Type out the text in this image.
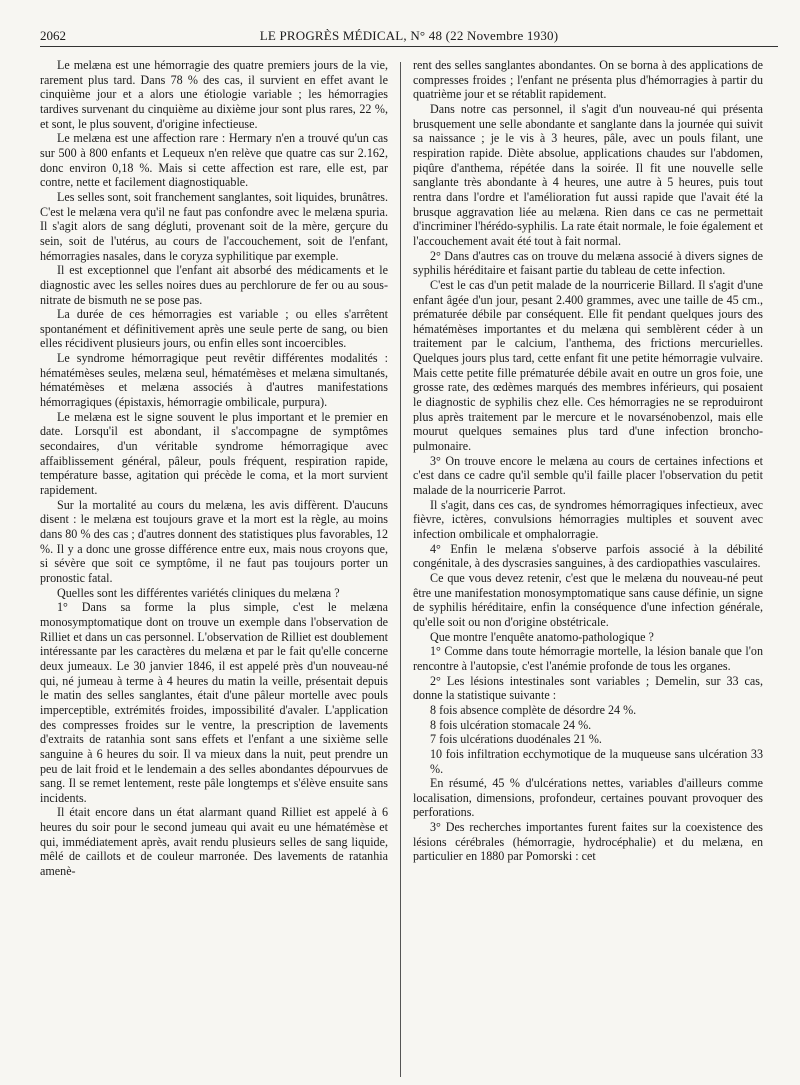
2062	LE PROGRÈS MÉDICAL, N° 48 (22 Novembre 1930)

Le melæna est une hémorragie des quatre premiers jours de la vie, rarement plus tard. Dans 78 % des cas, il survient en effet avant le cinquième jour et a alors une étiologie variable ; les hémorragies tardives survenant du cinquième au dixième jour sont plus rares, 22 %, et sont, le plus souvent, d'origine infectieuse.

Le melæna est une affection rare : Hermary n'en a trouvé qu'un cas sur 500 à 800 enfants et Lequeux n'en relève que quatre cas sur 2.162, donc environ 0,18 %. Mais si cette affection est rare, elle est, par contre, nette et facilement diagnostiquable.

Les selles sont, soit franchement sanglantes, soit liquides, brunâtres. C'est le melæna vera qu'il ne faut pas confondre avec le melæna spuria. Il s'agit alors de sang dégluti, provenant soit de la mère, gerçure du sein, soit de l'utérus, au cours de l'accouchement, soit de l'enfant, hémorragies nasales, dans le coryza syphilitique par exemple.

Il est exceptionnel que l'enfant ait absorbé des médicaments et le diagnostic avec les selles noires dues au perchlorure de fer ou au sous-nitrate de bismuth ne se pose pas.

La durée de ces hémorragies est variable ; ou elles s'arrêtent spontanément et définitivement après une seule perte de sang, ou bien elles récidivent plusieurs jours, ou enfin elles sont incoercibles.

Le syndrome hémorragique peut revêtir différentes modalités : hématémèses seules, melæna seul, hématémèses et melæna simultanés, hématémèses et melæna associés à d'autres manifestations hémorragiques (épistaxis, hémorragie ombilicale, purpura).

Le melæna est le signe souvent le plus important et le premier en date. Lorsqu'il est abondant, il s'accompagne de symptômes secondaires, d'un véritable syndrome hémorragique avec affaiblissement général, pâleur, pouls fréquent, respiration rapide, température basse, agitation qui précède le coma, et la mort survient rapidement.

Sur la mortalité au cours du melæna, les avis diffèrent. D'aucuns disent : le melæna est toujours grave et la mort est la règle, au moins dans 80 % des cas ; d'autres donnent des statistiques plus favorables, 12 %. Il y a donc une grosse différence entre eux, mais nous croyons que, si sévère que soit ce symptôme, il ne faut pas toujours porter un pronostic fatal.

Quelles sont les différentes variétés cliniques du melæna ?

1° Dans sa forme la plus simple, c'est le melæna monosymptomatique dont on trouve un exemple dans l'observation de Rilliet et dans un cas personnel. L'observation de Rilliet est doublement intéressante par les caractères du melæna et par le fait qu'elle concerne deux jumeaux. Le 30 janvier 1846, il est appelé près d'un nouveau-né qui, né jumeau à terme à 4 heures du matin la veille, présentait depuis le matin des selles sanglantes, était d'une pâleur mortelle avec pouls imperceptible, extrémités froides, impossibilité d'avaler. L'application des compresses froides sur le ventre, la prescription de lavements d'extraits de ratanhia sont sans effets et l'enfant a une sixième selle sanguine à 6 heures du soir. Il va mieux dans la nuit, peut prendre un peu de lait froid et le lendemain a des selles abondantes dépourvues de sang. Il se remet lentement, reste pâle longtemps et s'élève ensuite sans incidents.

Il était encore dans un état alarmant quand Rilliet est appelé à 6 heures du soir pour le second jumeau qui avait eu une hématémèse et qui, immédiatement après, avait rendu plusieurs selles de sang liquide, mêlé de caillots et de couleur marronée. Des lavements de ratanhia amenè-

rent des selles sanglantes abondantes. On se borna à des applications de compresses froides ; l'enfant ne présenta plus d'hémorragies à partir du quatrième jour et se rétablit rapidement.

Dans notre cas personnel, il s'agit d'un nouveau-né qui présenta brusquement une selle abondante et sanglante dans la journée qui suivit sa naissance ; je le vis à 3 heures, pâle, avec un pouls filant, une respiration rapide. Diète absolue, applications chaudes sur l'abdomen, piqûre d'anthema, répétée dans la soirée. Il fit une nouvelle selle sanglante très abondante à 4 heures, une autre à 5 heures, puis tout rentra dans l'ordre et l'amélioration fut aussi rapide que l'avait été la brusque aggravation liée au melæna. Rien dans ce cas ne permettait d'incriminer l'hérédo-syphilis. La rate était normale, le foie également et l'accouchement avait été tout à fait normal.

2° Dans d'autres cas on trouve du melæna associé à divers signes de syphilis héréditaire et faisant partie du tableau de cette infection.

C'est le cas d'un petit malade de la nourricerie Billard. Il s'agit d'une enfant âgée d'un jour, pesant 2.400 grammes, avec une taille de 45 cm., prématurée débile par conséquent. Elle fit pendant quelques jours des hématémèses importantes et du melæna qui semblèrent céder à un traitement par le calcium, l'anthema, des frictions mercurielles. Quelques jours plus tard, cette enfant fit une petite hémorragie vulvaire. Mais cette petite fille prématurée débile avait en outre un gros foie, une grosse rate, des œdèmes marqués des membres inférieurs, qui posaient le diagnostic de syphilis chez elle. Ces hémorragies ne se reproduiront plus après traitement par le mercure et le novarsénobenzol, mais elle mourut quelques semaines plus tard d'une infection broncho-pulmonaire.

3° On trouve encore le melæna au cours de certaines infections et c'est dans ce cadre qu'il semble qu'il faille placer l'observation du petit malade de la nourricerie Parrot.

Il s'agit, dans ces cas, de syndromes hémorragiques infectieux, avec fièvre, ictères, convulsions hémorragies multiples et souvent avec infection ombilicale et omphalorragie.

4° Enfin le melæna s'observe parfois associé à la débilité congénitale, à des dyscrasies sanguines, à des cardiopathies vasculaires.

Ce que vous devez retenir, c'est que le melæna du nouveau-né peut être une manifestation monosymptomatique sans cause définie, un signe de syphilis héréditaire, enfin la conséquence d'une infection générale, qu'elle soit ou non d'origine obstétricale.

Que montre l'enquête anatomo-pathologique ?

1° Comme dans toute hémorragie mortelle, la lésion banale que l'on rencontre à l'autopsie, c'est l'anémie profonde de tous les organes.

2° Les lésions intestinales sont variables ; Demelin, sur 33 cas, donne la statistique suivante :

8 fois absence complète de désordre 24 %.

8 fois ulcération stomacale 24 %.

7 fois ulcérations duodénales 21 %.

10 fois infiltration ecchymotique de la muqueuse sans ulcération 33 %.

En résumé, 45 % d'ulcérations nettes, variables d'ailleurs comme localisation, dimensions, profondeur, certaines pouvant provoquer des perforations.

3° Des recherches importantes furent faites sur la coexistence des lésions cérébrales (hémorragie, hydrocéphalie) et du melæna, en particulier en 1880 par Pomorski : cet
